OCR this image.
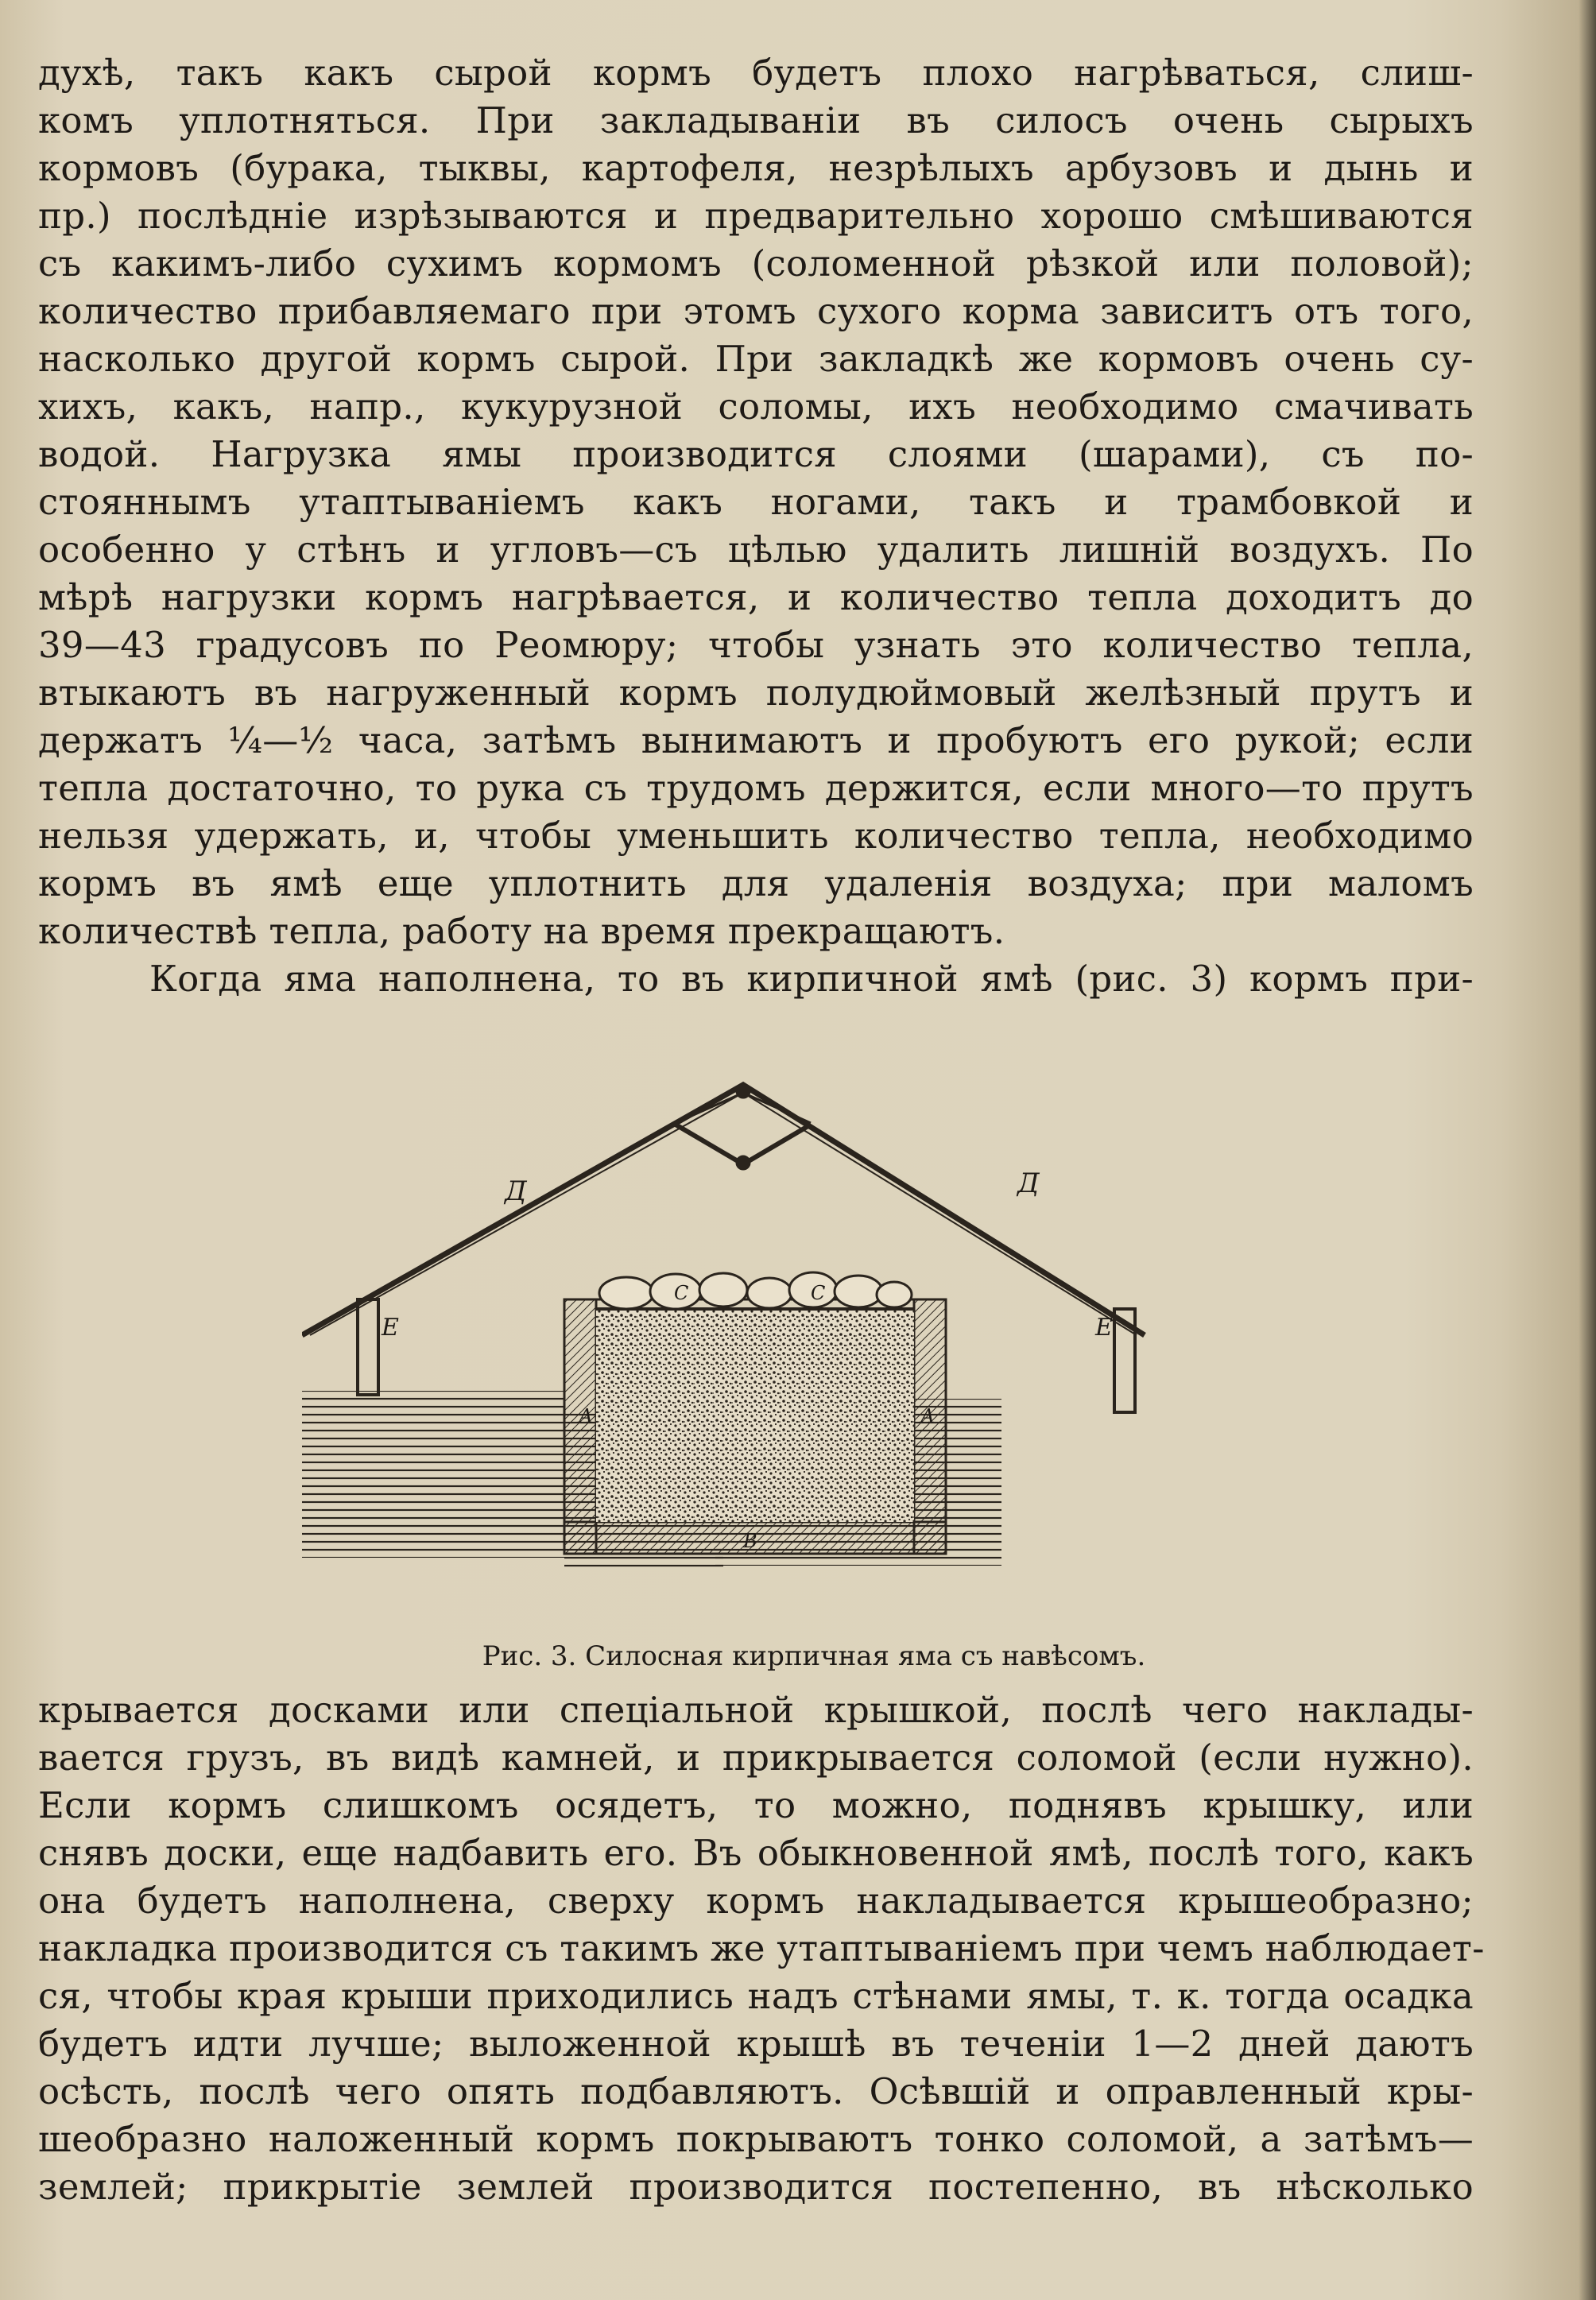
духѣ, такъ какъ сырой кормъ будетъ плохо нагрѣваться, слиш-
комъ уплотняться. При закладываніи въ силосъ очень сырыхъ
кормовъ (бурака, тыквы, картофеля, незрѣлыхъ арбузовъ и дынь и
пр.) послѣдніе изрѣзываются и предварительно хорошо смѣшиваются
съ какимъ-либо сухимъ кормомъ (соломенной рѣзкой или половой);
количество прибавляемаго при этомъ сухого корма зависитъ отъ того,
насколько другой кормъ сырой. При закладкѣ же кормовъ очень су-
хихъ, какъ, напр., кукурузной соломы, ихъ необходимо смачивать
водой. Нагрузка ямы производится слоями (шарами), съ по-
стояннымъ утаптываніемъ какъ ногами, такъ и трамбовкой и
особенно у стѣнъ и угловъ—съ цѣлью удалить лишній воздухъ. По
мѣрѣ нагрузки кормъ нагрѣвается, и количество тепла доходитъ до
39—43 градусовъ по Реомюру; чтобы узнать это количество тепла,
втыкаютъ въ нагруженный кормъ полудюймовый желѣзный прутъ и
держатъ ¼—½ часа, затѣмъ вынимаютъ и пробуютъ его рукой; если
тепла достаточно, то рука съ трудомъ держится, если много—то прутъ
нельзя удержать, и, чтобы уменьшить количество тепла, необходимо
кормъ въ ямѣ еще уплотнить для удаленія воздуха; при маломъ
количествѣ тепла, работу на время прекращаютъ.
Когда яма наполнена, то въ кирпичной ямѣ (рис. 3) кормъ при-
Д	Д
Е	Е
А	А
В
С	С
Рис. 3. Силосная кирпичная яма съ навѣсомъ.
крывается досками или спеціальной крышкой, послѣ чего наклады-
вается грузъ, въ видѣ камней, и прикрывается соломой (если нужно).
Если кормъ слишкомъ осядетъ, то можно, поднявъ крышку, или
снявъ доски, еще надбавить его. Въ обыкновенной ямѣ, послѣ того, какъ
она будетъ наполнена, сверху кормъ накладывается крышеобразно;
накладка производится съ такимъ же утаптываніемъ при чемъ наблюдает-
ся, чтобы края крыши приходились надъ стѣнами ямы, т. к. тогда осадка
будетъ идти лучше; выложенной крышѣ въ теченіи 1—2 дней даютъ
осѣсть, послѣ чего опять подбавляютъ. Осѣвшій и оправленный кры-
шеобразно наложенный кормъ покрываютъ тонко соломой, а затѣмъ—
землей; прикрытіе землей производится постепенно, въ нѣсколько
